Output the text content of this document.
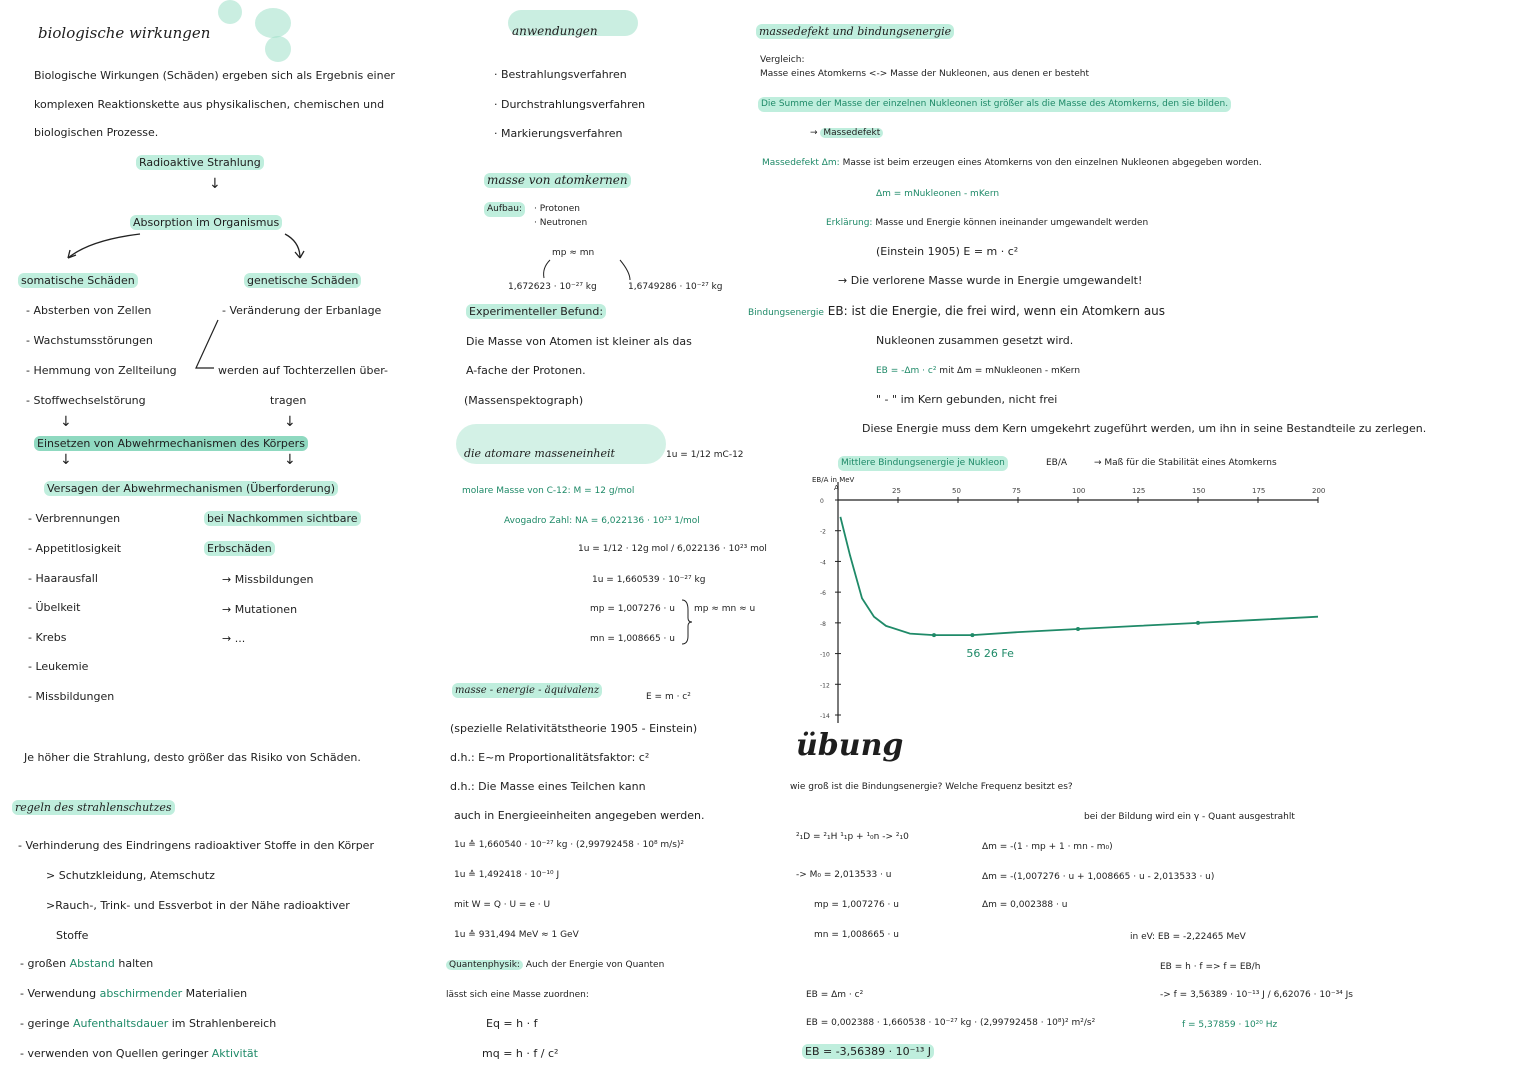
biologische wirkungen
Biologische Wirkungen (Schäden) ergeben sich als Ergebnis einer
komplexen Reaktionskette aus physikalischen, chemischen und
biologischen Prozesse.
Radioaktive Strahlung
↓
Absorption im Organismus
somatische Schäden
- Absterben von Zellen
- Wachstumsstörungen
- Hemmung von Zellteilung
- Stoffwechselstörung
genetische Schäden
- Veränderung der Erbanlage
werden auf Tochterzellen über-
tragen
↓	↓
Einsetzen von Abwehrmechanismen des Körpers
↓	↓
Versagen der Abwehrmechanismen (Überforderung)
- Verbrennungen
- Appetitlosigkeit
- Haarausfall
- Übelkeit
- Krebs
- Leukemie
- Missbildungen
bei Nachkommen sichtbare
Erbschäden
→ Missbildungen
→ Mutationen
→ ...
Je höher die Strahlung, desto größer das Risiko von Schäden.
regeln des strahlenschutzes
- Verhinderung des Eindringens radioaktiver Stoffe in den Körper
> Schutzkleidung, Atemschutz
>Rauch-, Trink- und Essverbot in der Nähe radioaktiver
Stoffe
- großen Abstand halten
- Verwendung abschirmender Materialien
- geringe Aufenthaltsdauer im Strahlenbereich
- verwenden von Quellen geringer Aktivität
anwendungen
· Bestrahlungsverfahren
· Durchstrahlungsverfahren
· Markierungsverfahren
masse von atomkernen
Aufbau:	· Protonen
· Neutronen
mp ≈ mn
1,672623 · 10⁻²⁷ kg	1,6749286 · 10⁻²⁷ kg
Experimenteller Befund:
Die Masse von Atomen ist kleiner als das
A-fache der Protonen.
(Massenspektograph)
die atomare masseneinheit	1u = 1/12 mC-12
molare Masse von C-12: M = 12 g/mol
Avogadro Zahl: NA = 6,022136 · 10²³ 1/mol
1u = 1/12 · 12g mol / 6,022136 · 10²³ mol
1u = 1,660539 · 10⁻²⁷ kg
mp = 1,007276 · u
mn = 1,008665 · u
mp ≈ mn ≈ u
masse - energie - äquivalenz
E = m · c²
(spezielle Relativitätstheorie 1905 - Einstein)
d.h.: E~m Proportionalitätsfaktor: c²
d.h.: Die Masse eines Teilchen kann
auch in Energieeinheiten angegeben werden.
1u ≙ 1,660540 · 10⁻²⁷ kg · (2,99792458 · 10⁸ m/s)²
1u ≙ 1,492418 · 10⁻¹⁰ J
mit W = Q · U = e · U
1u ≙ 931,494 MeV ≈ 1 GeV
Quantenphysik: Auch der Energie von Quanten
lässt sich eine Masse zuordnen:
Eq = h · f
mq = h · f / c²
massedefekt und bindungsenergie
Vergleich:
Masse eines Atomkerns <-> Masse der Nukleonen, aus denen er besteht
Die Summe der Masse der einzelnen Nukleonen ist größer als die Masse des Atomkerns, den sie bilden.
→ Massedefekt
Massedefekt Δm: Masse ist beim erzeugen eines Atomkerns von den einzelnen Nukleonen abgegeben worden.
Δm = mNukleonen - mKern
Erklärung: Masse und Energie können ineinander umgewandelt werden
(Einstein 1905) E = m · c²
→ Die verlorene Masse wurde in Energie umgewandelt!
Bindungsenergie EB: ist die Energie, die frei wird, wenn ein Atomkern aus
Nukleonen zusammen gesetzt wird.
EB = -Δm · c² mit Δm = mNukleonen - mKern
" - " im Kern gebunden, nicht frei
Diese Energie muss dem Kern umgekehrt zugeführt werden, um ihn in seine Bestandteile zu zerlegen.
Mittlere Bindungsenergie je Nukleon	EB/A	→ Maß für die Stabilität eines Atomkerns
EB/A in MeV
A	25	50	75	100	125	150	175	200
0
-2
-4
-6
-8
-10
-12
-14
56 26 Fe
übung
wie groß ist die Bindungsenergie? Welche Frequenz besitzt es?
bei der Bildung wird ein γ - Quant ausgestrahlt
²₁D = ²₁H ¹₁p + ¹₀n -> ²₁0
-> M₀ = 2,013533 · u
mp = 1,007276 · u
mn = 1,008665 · u
Δm = -(1 · mp + 1 · mn - m₀)
Δm = -(1,007276 · u + 1,008665 · u - 2,013533 · u)
Δm = 0,002388 · u
EB = Δm · c²
EB = 0,002388 · 1,660538 · 10⁻²⁷ kg · (2,99792458 · 10⁸)² m²/s²
EB = -3,56389 · 10⁻¹³ J
in eV: EB = -2,22465 MeV
EB = h · f => f = EB/h
-> f = 3,56389 · 10⁻¹³ J / 6,62076 · 10⁻³⁴ Js
f = 5,37859 · 10²⁰ Hz
